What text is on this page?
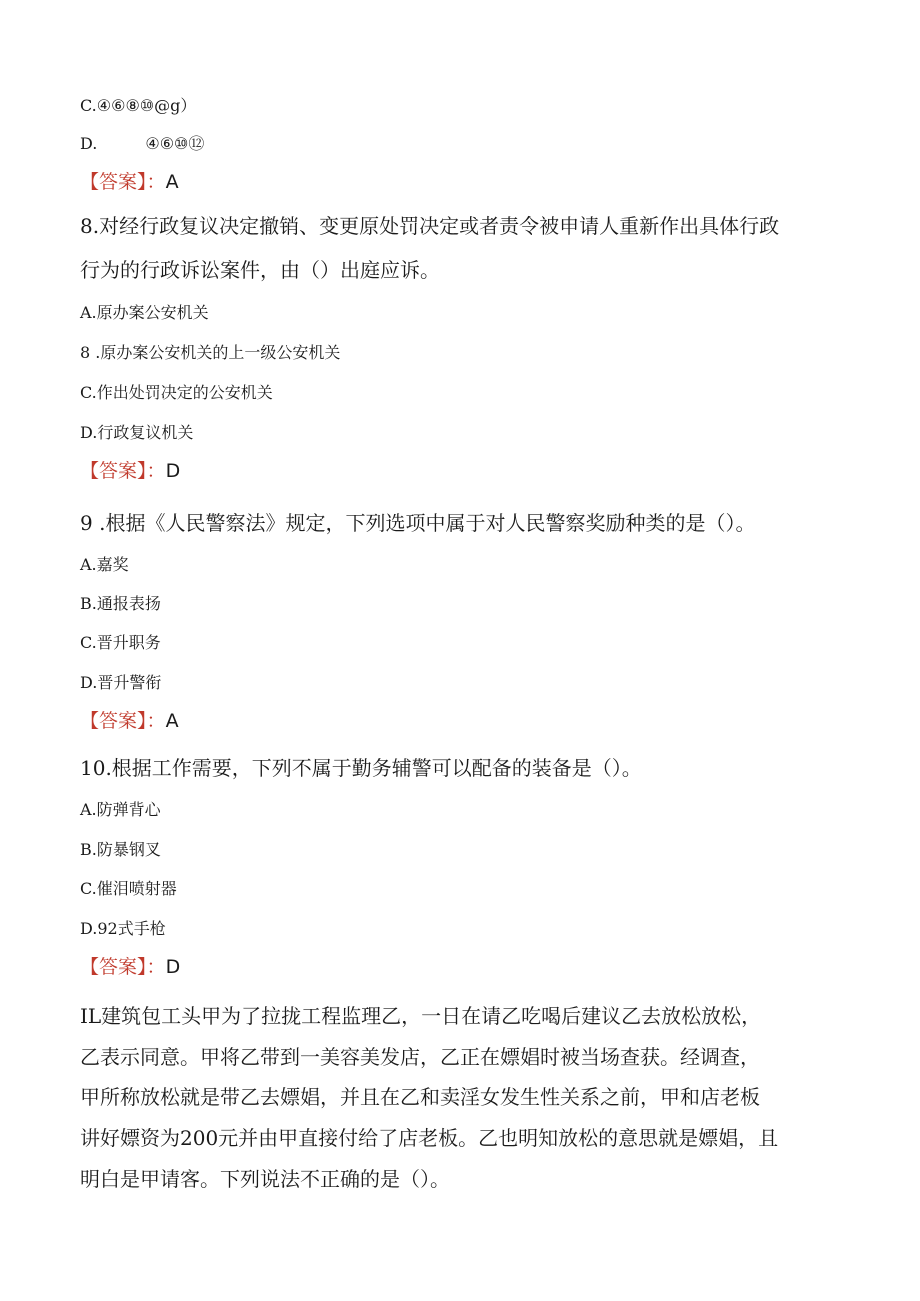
C.④⑥⑧⑩@g）
D.	④⑥⑩⑫
【答案】：A
8.对经行政复议决定撤销、变更原处罚决定或者责令被申请人重新作出具体行政
行为的行政诉讼案件，由（）出庭应诉。
A.原办案公安机关
8 .原办案公安机关的上一级公安机关
C.作出处罚决定的公安机关
D.行政复议机关
【答案】：D
9 .根据《人民警察法》规定，下列选项中属于对人民警察奖励种类的是（）。
A.嘉奖
B.通报表扬
C.晋升职务
D.晋升警衔
【答案】：A
10.根据工作需要，下列不属于勤务辅警可以配备的装备是（）。
A.防弹背心
B.防暴钢叉
C.催泪喷射器
D.92式手枪
【答案】：D
IL建筑包工头甲为了拉拢工程监理乙，一日在请乙吃喝后建议乙去放松放松，
乙表示同意。甲将乙带到一美容美发店，乙正在嫖娼时被当场查获。经调查，
甲所称放松就是带乙去嫖娼，并且在乙和卖淫女发生性关系之前，甲和店老板
讲好嫖资为200元并由甲直接付给了店老板。乙也明知放松的意思就是嫖娼，且
明白是甲请客。下列说法不正确的是（）。
